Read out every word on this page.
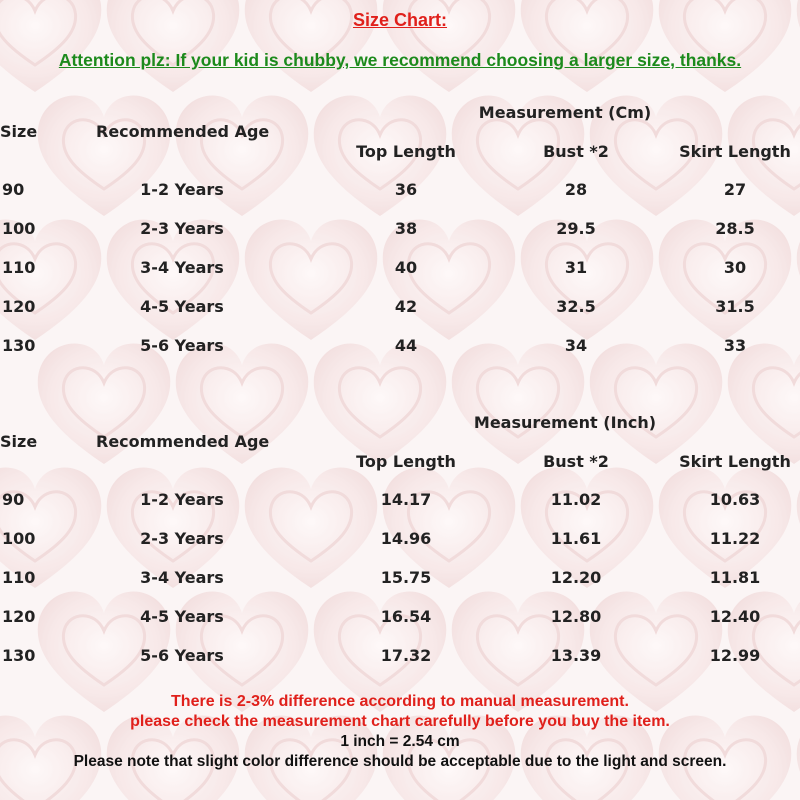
Size Chart:
Attention plz: If your kid is chubby, we recommend choosing a larger size, thanks.
Size	Recommended Age
Measurement (Cm)
Top Length	Bust *2	Skirt Length
90	1-2 Years	36	28	27
100	2-3 Years	38	29.5	28.5
110	3-4 Years	40	31	30
120	4-5 Years	42	32.5	31.5
130	5-6 Years	44	34	33
Size	Recommended Age
Measurement (Inch)
Top Length	Bust *2	Skirt Length
90	1-2 Years	14.17	11.02	10.63
100	2-3 Years	14.96	11.61	11.22
110	3-4 Years	15.75	12.20	11.81
120	4-5 Years	16.54	12.80	12.40
130	5-6 Years	17.32	13.39	12.99
There is 2-3% difference according to manual measurement.
please check the measurement chart carefully before you buy the item.
1 inch = 2.54 cm
Please note that slight color difference should be acceptable due to the light and screen.
